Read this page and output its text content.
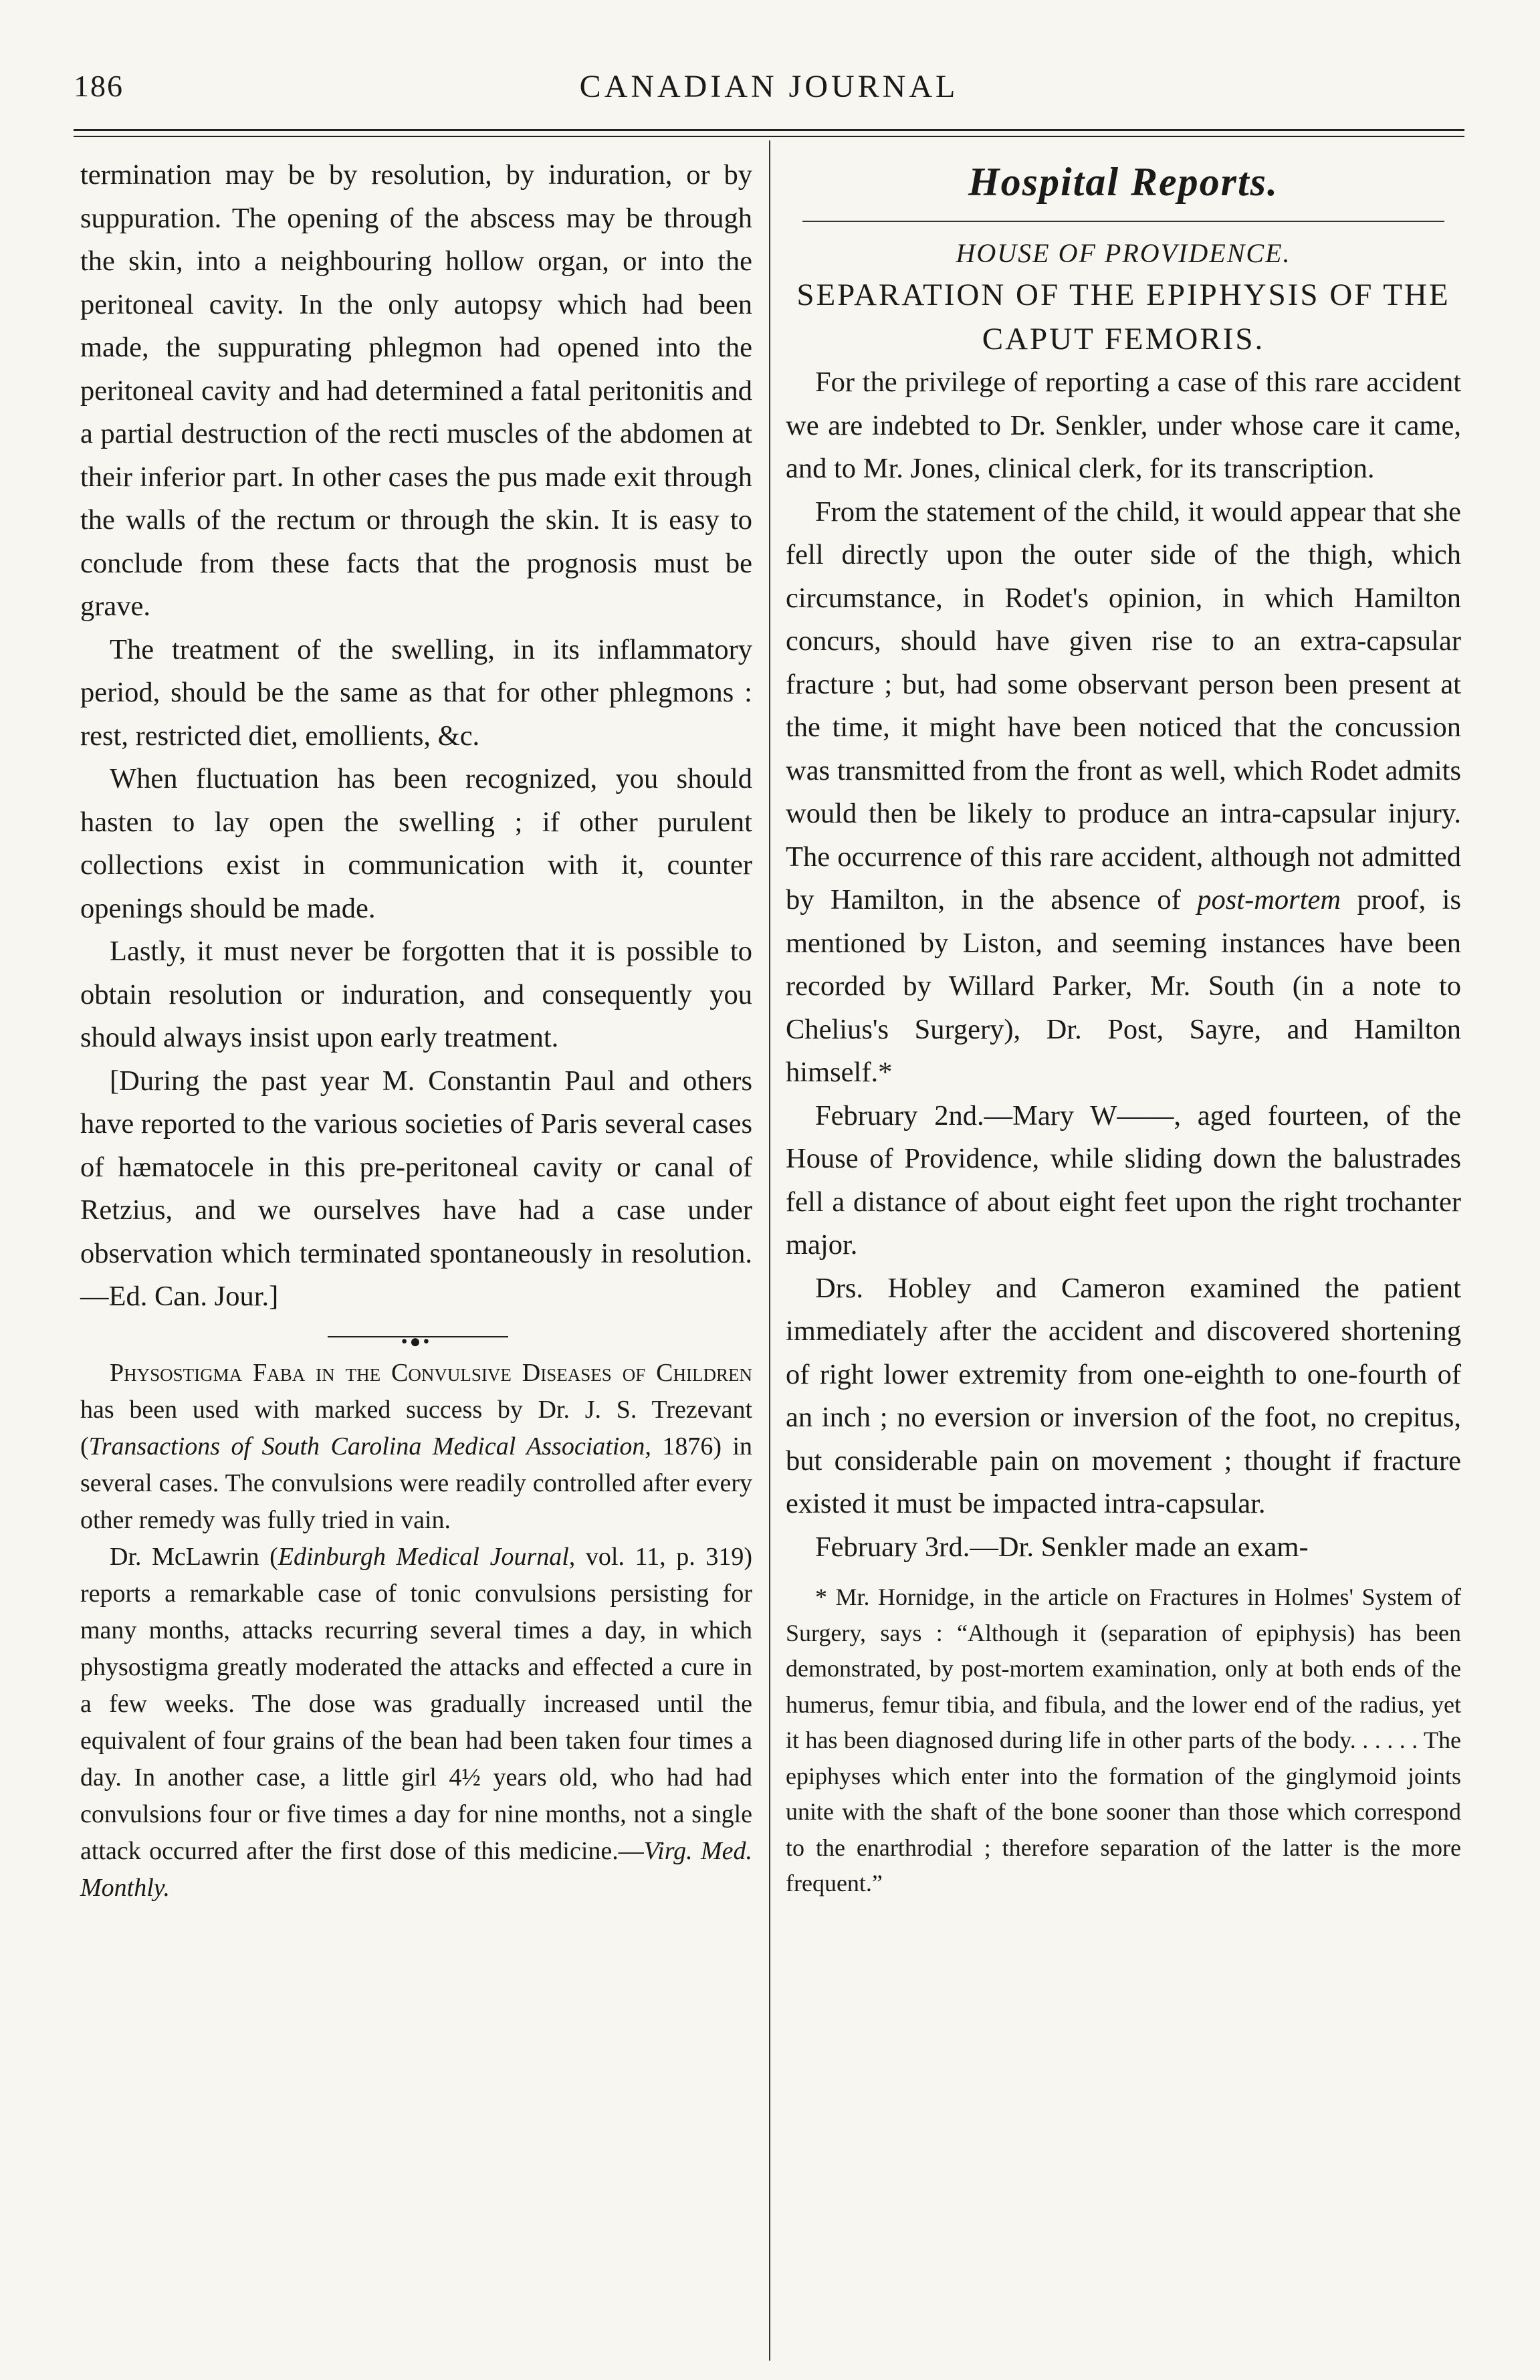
186	CANADIAN JOURNAL

termination may be by resolution, by induration, or by suppuration. The opening of the abscess may be through the skin, into a neighbouring hollow organ, or into the peritoneal cavity. In the only autopsy which had been made, the suppurating phlegmon had opened into the peritoneal cavity and had determined a fatal peritonitis and a partial destruction of the recti muscles of the abdomen at their inferior part. In other cases the pus made exit through the walls of the rectum or through the skin. It is easy to conclude from these facts that the prognosis must be grave.

The treatment of the swelling, in its inflammatory period, should be the same as that for other phlegmons : rest, restricted diet, emollients, &c.

When fluctuation has been recognized, you should hasten to lay open the swelling ; if other purulent collections exist in communication with it, counter openings should be made.

Lastly, it must never be forgotten that it is possible to obtain resolution or induration, and consequently you should always insist upon early treatment.

[During the past year M. Constantin Paul and others have reported to the various societies of Paris several cases of hæmatocele in this pre-peritoneal cavity or canal of Retzius, and we ourselves have had a case under observation which terminated spontaneously in resolution. —Ed. Can. Jour.]

•●•

Physostigma Faba in the Convulsive Diseases of Children has been used with marked success by Dr. J. S. Trezevant (Transactions of South Carolina Medical Association, 1876) in several cases. The convulsions were readily controlled after every other remedy was fully tried in vain.

Dr. McLawrin (Edinburgh Medical Journal, vol. 11, p. 319) reports a remarkable case of tonic convulsions persisting for many months, attacks recurring several times a day, in which physostigma greatly moderated the attacks and effected a cure in a few weeks. The dose was gradually increased until the equivalent of four grains of the bean had been taken four times a day. In another case, a little girl 4½ years old, who had had convulsions four or five times a day for nine months, not a single attack occurred after the first dose of this medicine.—Virg. Med. Monthly.

Hospital Reports.

HOUSE OF PROVIDENCE.

SEPARATION OF THE EPIPHYSIS OF THE CAPUT FEMORIS.

For the privilege of reporting a case of this rare accident we are indebted to Dr. Senkler, under whose care it came, and to Mr. Jones, clinical clerk, for its transcription.

From the statement of the child, it would appear that she fell directly upon the outer side of the thigh, which circumstance, in Rodet's opinion, in which Hamilton concurs, should have given rise to an extra-capsular fracture ; but, had some observant person been present at the time, it might have been noticed that the concussion was transmitted from the front as well, which Rodet admits would then be likely to produce an intra-capsular injury. The occurrence of this rare accident, although not admitted by Hamilton, in the absence of post-mortem proof, is mentioned by Liston, and seeming instances have been recorded by Willard Parker, Mr. South (in a note to Chelius's Surgery), Dr. Post, Sayre, and Hamilton himself.*

February 2nd.—Mary W——, aged fourteen, of the House of Providence, while sliding down the balustrades fell a distance of about eight feet upon the right trochanter major.

Drs. Hobley and Cameron examined the patient immediately after the accident and discovered shortening of right lower extremity from one-eighth to one-fourth of an inch ; no eversion or inversion of the foot, no crepitus, but considerable pain on movement ; thought if fracture existed it must be impacted intra-capsular.

February 3rd.—Dr. Senkler made an exam-

* Mr. Hornidge, in the article on Fractures in Holmes' System of Surgery, says : “Although it (separation of epiphysis) has been demonstrated, by post-mortem examination, only at both ends of the humerus, femur tibia, and fibula, and the lower end of the radius, yet it has been diagnosed during life in other parts of the body. . . . . . The epiphyses which enter into the formation of the ginglymoid joints unite with the shaft of the bone sooner than those which correspond to the enarthrodial ; therefore separation of the latter is the more frequent.”
